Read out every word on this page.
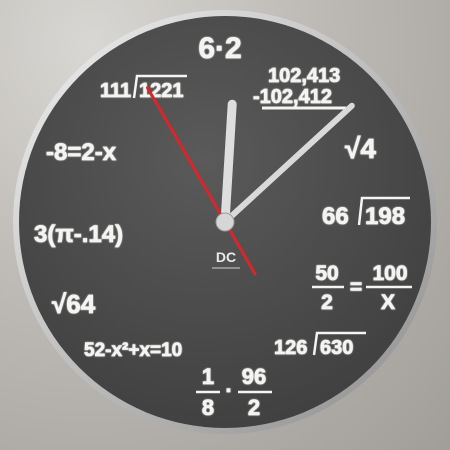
6·2
102,413
-102,412
√4
66 198
50
2
=
100
X
126 630
1
8
·
96
2
52-x²+x=10
√64
3(π-.14)
-8=2-x
111 1221
DC
